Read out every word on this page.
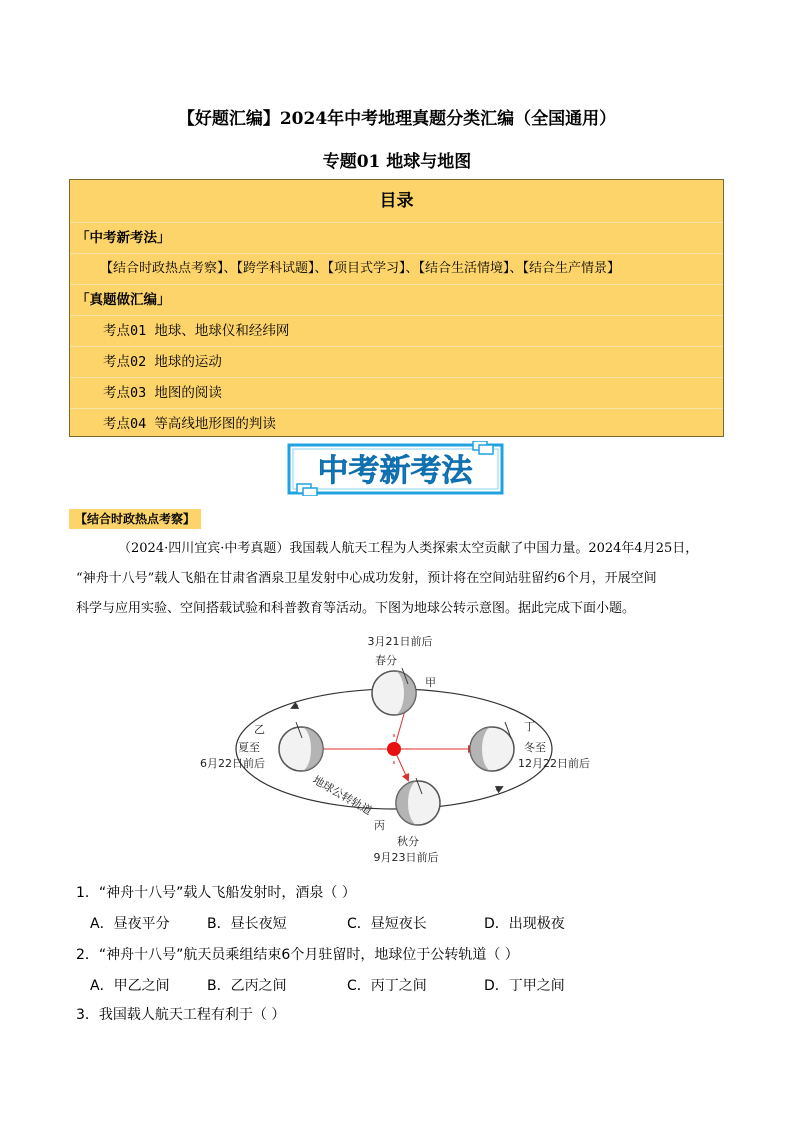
【好题汇编】2024年中考地理真题分类汇编（全国通用）
专题01 地球与地图
目录
「中考新考法」
【结合时政热点考察】、【跨学科试题】、【项目式学习】、【结合生活情境】、【结合生产情景】
「真题做汇编」
考点01 地球、地球仪和经纬网
考点02 地球的运动
考点03 地图的阅读
考点04 等高线地形图的判读
中考新考法
【结合时政热点考察】
（2024·四川宜宾·中考真题）我国载人航天工程为人类探索太空贡献了中国力量。2024年4月25日，
“神舟十八号”载人飞船在甘肃省酒泉卫星发射中心成功发射，预计将在空间站驻留约6个月，开展空间
科学与应用实验、空间搭载试验和科普教育等活动。下图为地球公转示意图。据此完成下面小题。
3月21日前后
春分
甲
乙
夏至
6月22日前后
丁
冬至
12月22日前后
丙
秋分
9月23日前后
地球公转轨道
1．“神舟十八号”载人飞船发射时，酒泉（ ）
A．昼夜平分	B．昼长夜短	C．昼短夜长	D．出现极夜
2．“神舟十八号”航天员乘组结束6个月驻留时，地球位于公转轨道（ ）
A．甲乙之间	B．乙丙之间	C．丙丁之间	D．丁甲之间
3．我国载人航天工程有利于（ ）
